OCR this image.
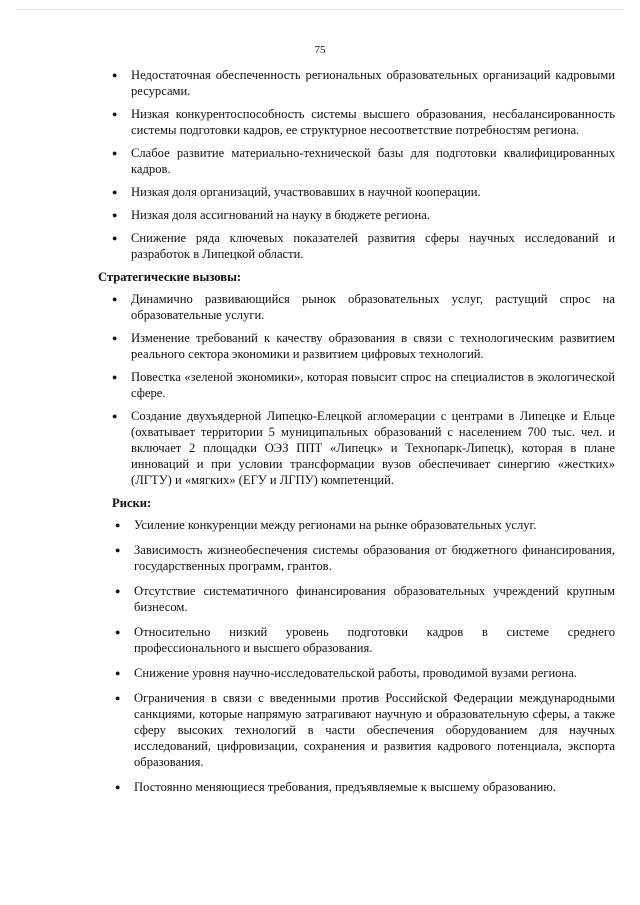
75
● Недостаточная обеспеченность региональных образовательных организаций кадровыми ресурсами.
● Низкая конкурентоспособность системы высшего образования, несбалансированность системы подготовки кадров, ее структурное несоответствие потребностям региона.
● Слабое развитие материально-технической базы для подготовки квалифицированных кадров.
● Низкая доля организаций, участвовавших в научной кооперации.
● Низкая доля ассигнований на науку в бюджете региона.
● Снижение ряда ключевых показателей развития сферы научных исследований и разработок в Липецкой области.
Стратегические вызовы:
● Динамично развивающийся рынок образовательных услуг, растущий спрос на образовательные услуги.
● Изменение требований к качеству образования в связи с технологическим развитием реального сектора экономики и развитием цифровых технологий.
● Повестка «зеленой экономики», которая повысит спрос на специалистов в экологической сфере.
● Создание двухъядерной Липецко-Елецкой агломерации с центрами в Липецке и Ельце (охватывает территории 5 муниципальных образований с населением 700 тыс. чел. и включает 2 площадки ОЭЗ ППТ «Липецк» и Технопарк-Липецк), которая в плане инноваций и при условии трансформации вузов обеспечивает синергию «жестких» (ЛГТУ) и «мягких» (ЕГУ и ЛГПУ) компетенций.
Риски:
● Усиление конкуренции между регионами на рынке образовательных услуг.
● Зависимость жизнеобеспечения системы образования от бюджетного финансирования, государственных программ, грантов.
● Отсутствие систематичного финансирования образовательных учреждений крупным бизнесом.
● Относительно низкий уровень подготовки кадров в системе среднего профессионального и высшего образования.
● Снижение уровня научно-исследовательской работы, проводимой вузами региона.
● Ограничения в связи с введенными против Российской Федерации международными санкциями, которые напрямую затрагивают научную и образовательную сферы, а также сферу высоких технологий в части обеспечения оборудованием для научных исследований, цифровизации, сохранения и развития кадрового потенциала, экспорта образования.
● Постоянно меняющиеся требования, предъявляемые к высшему образованию.
